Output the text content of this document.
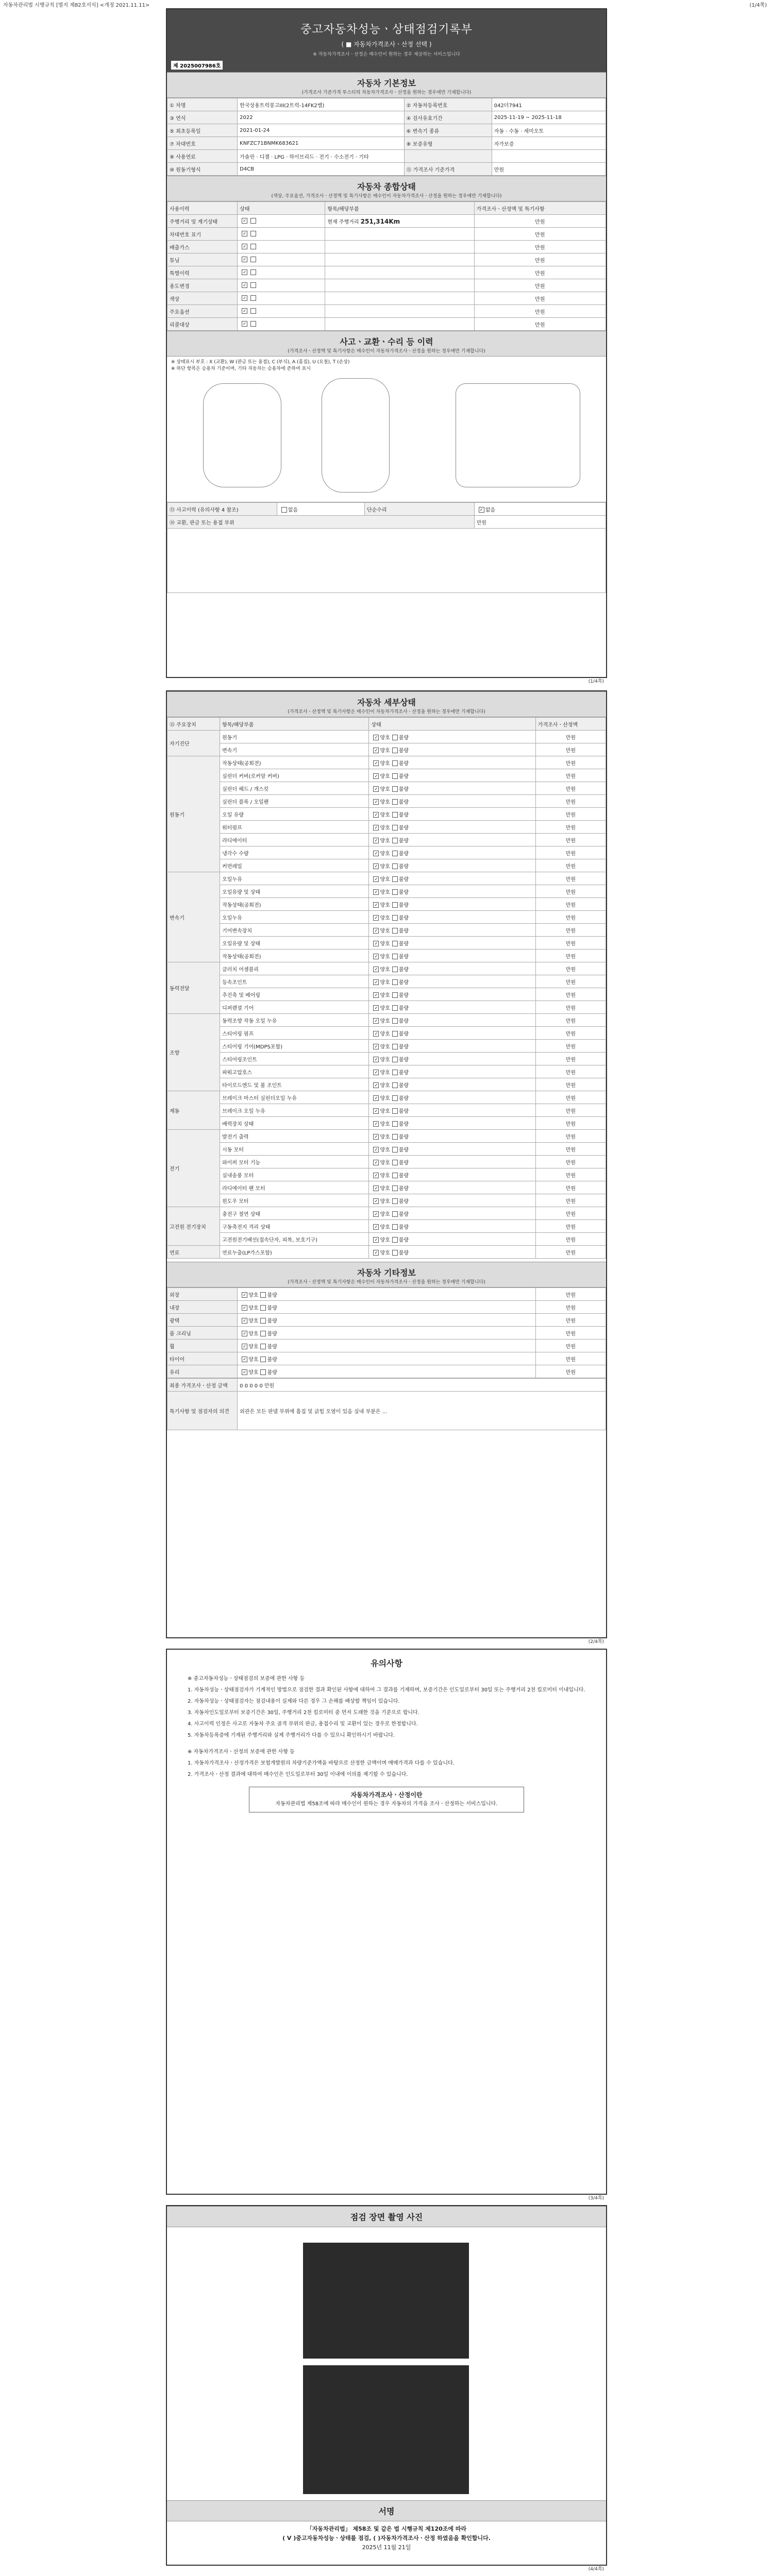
자동차관리법 시행규칙 [별지 제82호서식] <개정 2021.11.11>	(1/4쪽)
중고자동차성능ㆍ상태점검기록부
( ■ 자동차가격조사ㆍ산정 선택 )
※ 자동차가격조사ㆍ산정은 매수인이 원하는 경우 제공하는 서비스입니다
제 2025007986호
자동차 기본정보
(가격조사 기준가격 투스티의 차동차가격조사ㆍ산정을 원하는 경우에만 기재합니다)
① 차명	한국상용트럭봉고III(2트럭-14FK2밸)	② 자동차등록번호	042더7941
③ 연식	2022	④ 검사유효기간	2025-11-19 ~ 2025-11-18
⑤ 최초등록일	2021-01-24	⑥ 변속기 종류	자동 · 수동 · 세미오토
⑦ 차대번호	KNFZC71BNMK683621	⑧ 보증유형	자가보증
⑨ 사용연료	가솔린 · 디젤 · LPG · 하이브리드 · 전기 · 수소전기 · 기타		
⑩ 원동기형식	D4CB	⑪ 가격조사 기준가격	만원
자동차 종합상태
(색상, 주요옵션, 가격조사ㆍ산정액 및 특기사항은 매수인이 자동차가격조사ㆍ산정을 원하는 경우에만 기재합니다)
사용이력	상태	항목/해당부품	가격조사ㆍ산정액 및 특기사항
주행거리 및 계기상태	✓	현재 주행거리 251,314Km	만원
차대번호 표기	✓		만원
배출가스	✓		만원
튜닝	✓		만원
특별이력	✓		만원
용도변경	✓		만원
색상	✓		만원
주요옵션	✓		만원
리콜대상	✓		만원
사고ㆍ교환ㆍ수리 등 이력
(가격조사ㆍ산정액 및 특기사항은 매수인이 자동차가격조사ㆍ산정을 원하는 경우에만 기재합니다)
※ 상태표시 부호 : X (교환), W (판금 또는 용접), C (부식), A (흠집), U (요철), T (손상)
※ 하단 항목은 승용차 기준이며, 기타 자동차는 승용차에 준하여 표시
⑬ 사고이력 (유의사항 4 참조)	없음	단순수리	✓없음
⑭ 교환, 판금 또는 용접 부위			만원

(1/4쪽)
자동차 세부상태
(가격조사ㆍ산정액 및 특기사항은 매수인이 자동차가격조사ㆍ산정을 원하는 경우에만 기재합니다)
⑮ 주요장치	항목/해당부품	상태	가격조사ㆍ산정액
자기진단	원동기	✓양호 불량	만원
	변속기	✓양호 불량	만원
원동기	작동상태(공회전)	✓양호 불량	만원
	실린더 커버(로커암 커버)	✓양호 불량	만원
	실린더 헤드 / 개스킷	✓양호 불량	만원
	실린더 블록 / 오일팬	✓양호 불량	만원
	오일 유량	✓양호 불량	만원
	워터펌프	✓양호 불량	만원
	라디에이터	✓양호 불량	만원
	냉각수 수량	✓양호 불량	만원
	커먼레일	✓양호 불량	만원
변속기	오일누유	✓양호 불량	만원
	오일유량 및 상태	✓양호 불량	만원
	작동상태(공회전)	✓양호 불량	만원
	오일누유	✓양호 불량	만원
	기어변속장치	✓양호 불량	만원
	오일유량 및 상태	✓양호 불량	만원
	작동상태(공회전)	✓양호 불량	만원
동력전달	클러치 어셈블리	✓양호 불량	만원
	등속조인트	✓양호 불량	만원
	추진축 및 베어링	✓양호 불량	만원
	디퍼렌셜 기어	✓양호 불량	만원
조향	동력조향 작동 오일 누유	✓양호 불량	만원
	스티어링 펌프	✓양호 불량	만원
	스티어링 기어(MDPS포함)	✓양호 불량	만원
	스티어링조인트	✓양호 불량	만원
	파워고압호스	✓양호 불량	만원
	타이로드엔드 및 볼 조인트	✓양호 불량	만원
제동	브레이크 마스터 실린더오일 누유	✓양호 불량	만원
	브레이크 오일 누유	✓양호 불량	만원
	배력장치 상태	✓양호 불량	만원
전기	발전기 출력	✓양호 불량	만원
	시동 모터	✓양호 불량	만원
	와이퍼 모터 기능	✓양호 불량	만원
	실내송풍 모터	✓양호 불량	만원
	라디에이터 팬 모터	✓양호 불량	만원
	윈도우 모터	✓양호 불량	만원
고전원 전기장치	충전구 절연 상태	✓양호 불량	만원
	구동축전지 격리 상태	✓양호 불량	만원
	고전원전기배선(접속단자, 피복, 보호기구)	✓양호 불량	만원
연료	연료누출(LP가스포함)	✓양호 불량	만원
자동차 기타정보
(가격조사ㆍ산정액 및 특기사항은 매수인이 자동차가격조사ㆍ산정을 원하는 경우에만 기재합니다)
외장	✓양호 불량	만원
내장	✓양호 불량	만원
광택	✓양호 불량	만원
룸 크리닝	✓양호 불량	만원
휠	✓양호 불량	만원
타이어	✓양호 불량	만원
유리	✓양호 불량	만원
최종 가격조사ㆍ산정 금액	0 0 0 0 0 만원
특기사항 및 점검자의 의견	외관은 모든 판넬 부위에 흠집 및 긁힘 오염이 있음 실내 부분은 ...
(2/4쪽)
유의사항

※ 중고자동차성능ㆍ상태점검의 보증에 관한 사항 등

1. 자동차성능ㆍ상태점검자가 기계적인 방법으로 점검한 결과 확인된 사항에 대하여 그 결과를 기재하며, 보증기간은 인도일로부터 30일 또는 주행거리 2천 킬로미터 이내입니다.

2. 자동차성능ㆍ상태점검자는 점검내용이 실제와 다른 경우 그 손해를 배상할 책임이 있습니다.

3. 자동차인도일로부터 보증기간은 30일, 주행거리 2천 킬로미터 중 먼저 도래한 것을 기준으로 합니다.

4. 사고이력 인정은 사고로 자동차 주요 골격 부위의 판금, 용접수리 및 교환이 있는 경우로 한정합니다.

5. 자동차등록증에 기재된 주행거리와 실제 주행거리가 다를 수 있으니 확인하시기 바랍니다.

※ 자동차가격조사ㆍ산정의 보증에 관한 사항 등

1. 자동차가격조사ㆍ산정가격은 보험개발원의 차량기준가액을 바탕으로 산정한 금액이며 매매가격과 다를 수 있습니다.

2. 가격조사ㆍ산정 결과에 대하여 매수인은 인도일로부터 30일 이내에 이의를 제기할 수 있습니다.

자동차가격조사ㆍ산정이란
자동차관리법 제58조에 따라 매수인이 원하는 경우 자동차의 가격을 조사ㆍ산정하는 서비스입니다.
(3/4쪽)
점검 장면 촬영 사진
서명
「자동차관리법」 제58조 및 같은 법 시행규칙 제120조에 따라
( V )중고자동차성능ㆍ상태를 점검, ( )자동차가격조사ㆍ산정 하였음을 확인합니다.
2025년 11월 21일
(4/4쪽)
